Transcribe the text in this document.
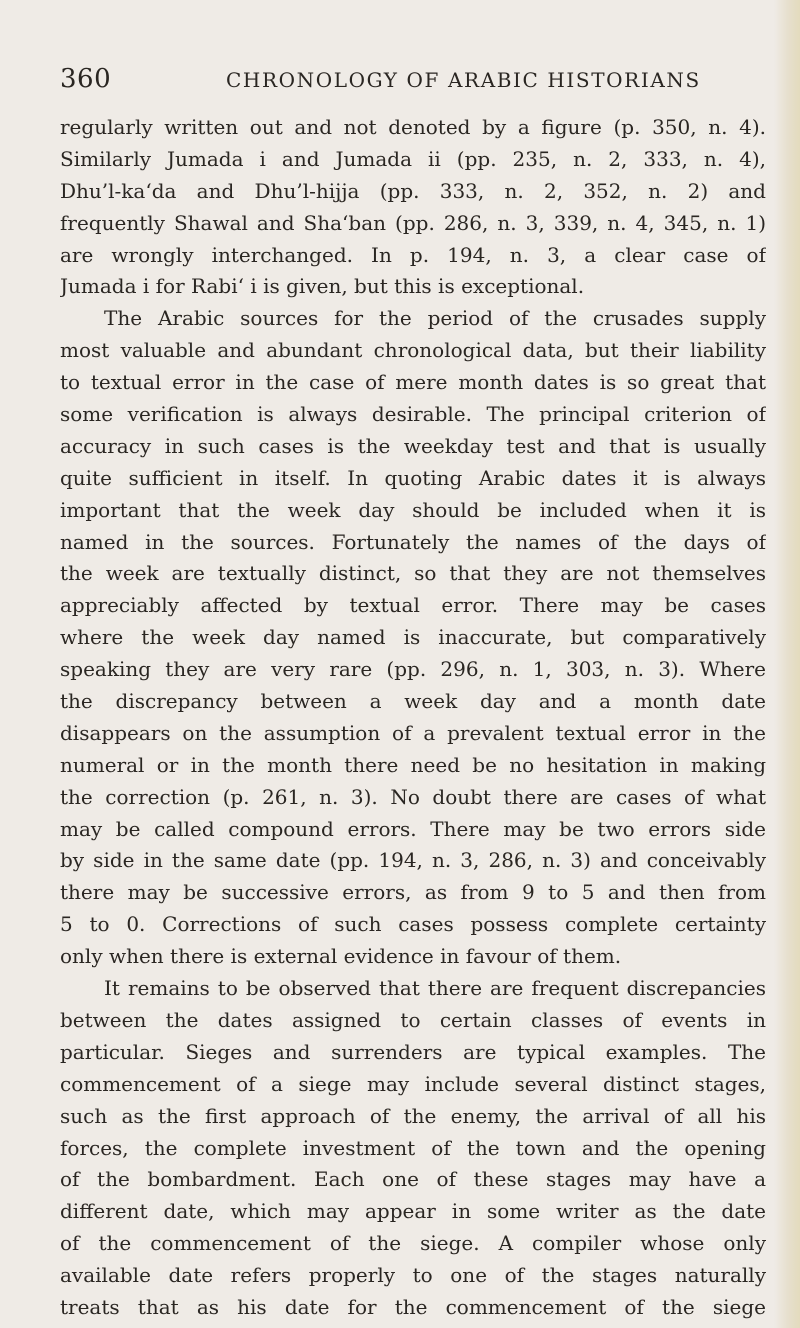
360	CHRONOLOGY OF ARABIC HISTORIANS
regularly written out and not denoted by a figure (p. 350, n. 4).
Similarly Jumada i and Jumada ii (pp. 235, n. 2, 333, n. 4),
Dhu’l-ka‘da and Dhu’l-hijja (pp. 333, n. 2, 352, n. 2) and
frequently Shawal and Sha‘ban (pp. 286, n. 3, 339, n. 4, 345, n. 1)
are wrongly interchanged. In p. 194, n. 3, a clear case of
Jumada i for Rabi‘ i is given, but this is exceptional.
The Arabic sources for the period of the crusades supply
most valuable and abundant chronological data, but their liability
to textual error in the case of mere month dates is so great that
some verification is always desirable. The principal criterion of
accuracy in such cases is the weekday test and that is usually
quite sufficient in itself. In quoting Arabic dates it is always
important that the week day should be included when it is
named in the sources. Fortunately the names of the days of
the week are textually distinct, so that they are not themselves
appreciably affected by textual error. There may be cases
where the week day named is inaccurate, but comparatively
speaking they are very rare (pp. 296, n. 1, 303, n. 3). Where
the discrepancy between a week day and a month date
disappears on the assumption of a prevalent textual error in the
numeral or in the month there need be no hesitation in making
the correction (p. 261, n. 3). No doubt there are cases of what
may be called compound errors. There may be two errors side
by side in the same date (pp. 194, n. 3, 286, n. 3) and conceivably
there may be successive errors, as from 9 to 5 and then from
5 to 0. Corrections of such cases possess complete certainty
only when there is external evidence in favour of them.
It remains to be observed that there are frequent discrepancies
between the dates assigned to certain classes of events in
particular. Sieges and surrenders are typical examples. The
commencement of a siege may include several distinct stages,
such as the first approach of the enemy, the arrival of all his
forces, the complete investment of the town and the opening
of the bombardment. Each one of these stages may have a
different date, which may appear in some writer as the date
of the commencement of the siege. A compiler whose only
available date refers properly to one of the stages naturally
treats that as his date for the commencement of the siege
